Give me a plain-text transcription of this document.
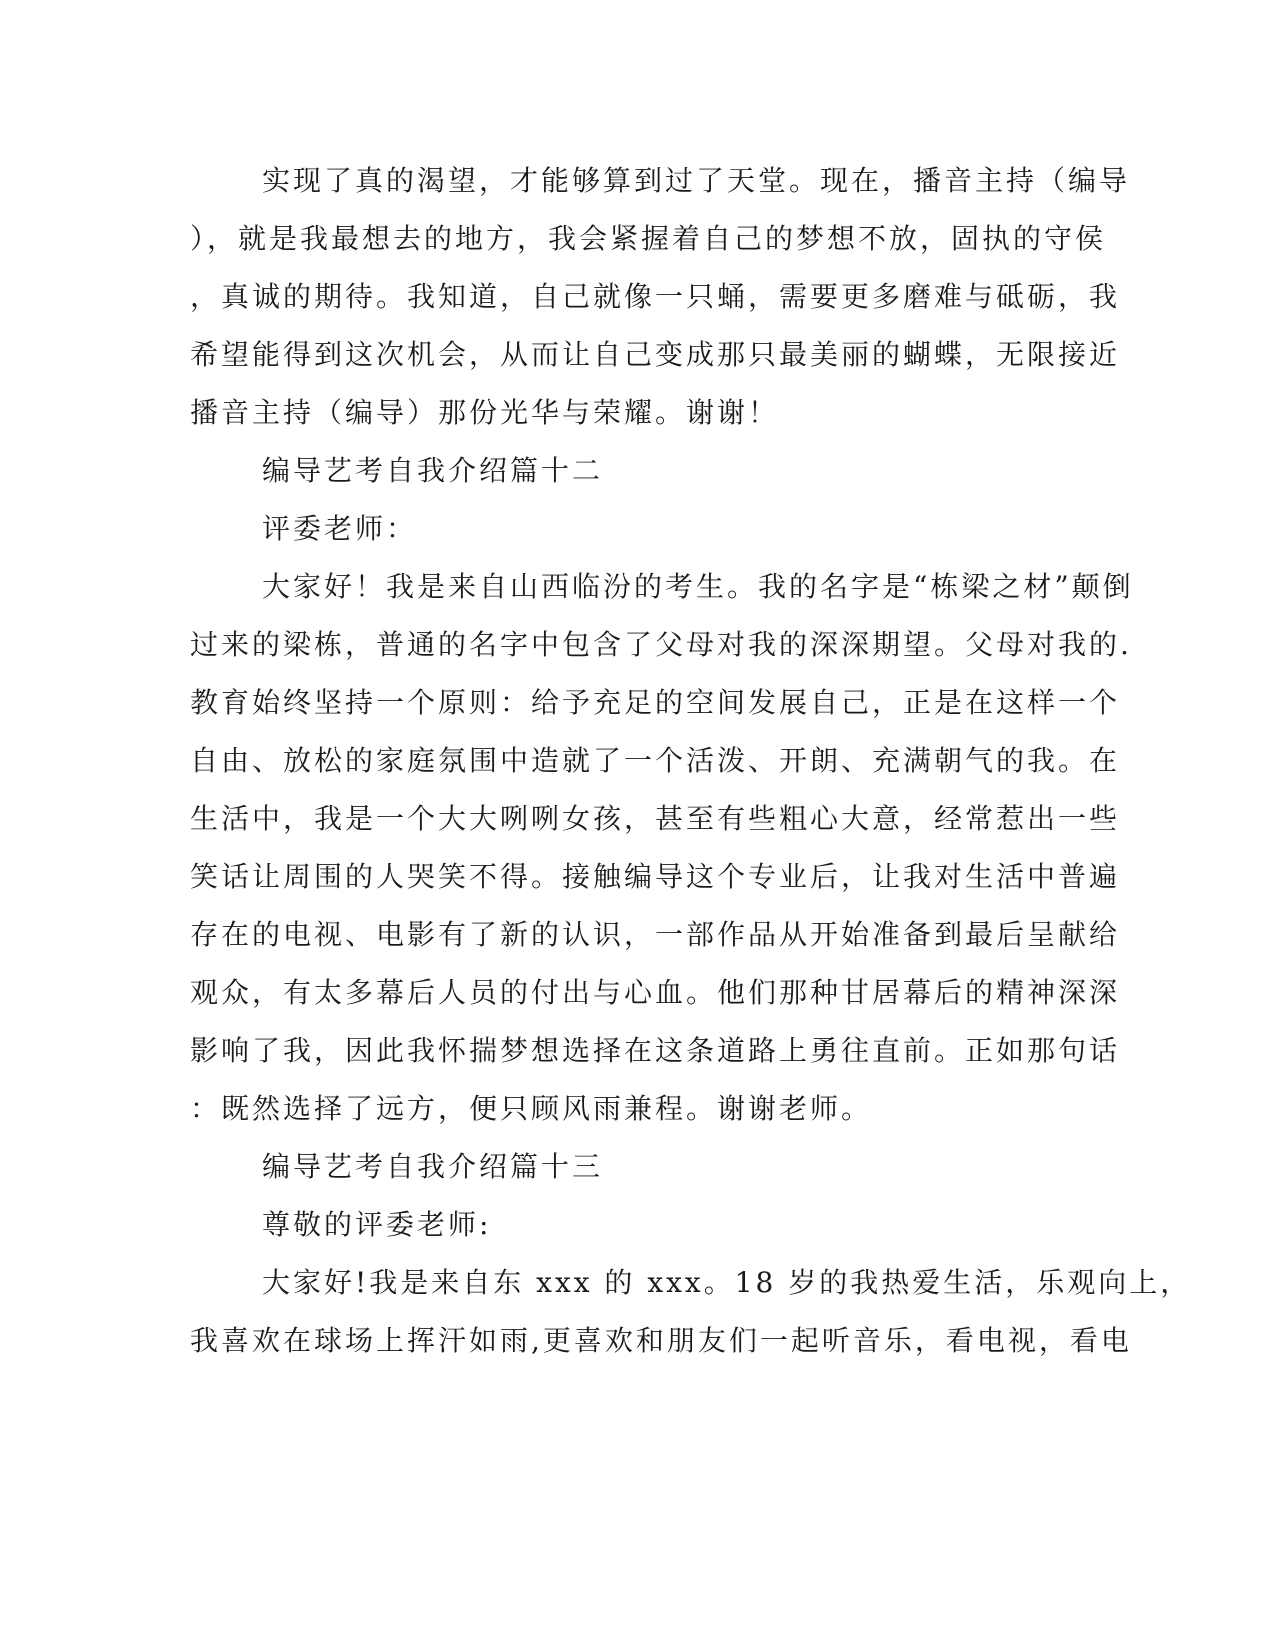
实现了真的渴望，才能够算到过了天堂。现在，播音主持（编导
），就是我最想去的地方，我会紧握着自己的梦想不放，固执的守侯
，真诚的期待。我知道，自己就像一只蛹，需要更多磨难与砥砺，我
希望能得到这次机会，从而让自己变成那只最美丽的蝴蝶，无限接近
播音主持（编导）那份光华与荣耀。谢谢！
编导艺考自我介绍篇十二
评委老师：
大家好！我是来自山西临汾的考生。我的名字是“栋梁之材”颠倒
过来的梁栋，普通的名字中包含了父母对我的深深期望。父母对我的.
教育始终坚持一个原则：给予充足的空间发展自己，正是在这样一个
自由、放松的家庭氛围中造就了一个活泼、开朗、充满朝气的我。在
生活中，我是一个大大咧咧女孩，甚至有些粗心大意，经常惹出一些
笑话让周围的人哭笑不得。接触编导这个专业后，让我对生活中普遍
存在的电视、电影有了新的认识，一部作品从开始准备到最后呈献给
观众，有太多幕后人员的付出与心血。他们那种甘居幕后的精神深深
影响了我，因此我怀揣梦想选择在这条道路上勇往直前。正如那句话
：既然选择了远方，便只顾风雨兼程。谢谢老师。
编导艺考自我介绍篇十三
尊敬的评委老师:
大家好!我是来自东 xxx 的 xxx。18 岁的我热爱生活，乐观向上，
我喜欢在球场上挥汗如雨,更喜欢和朋友们一起听音乐，看电视，看电
